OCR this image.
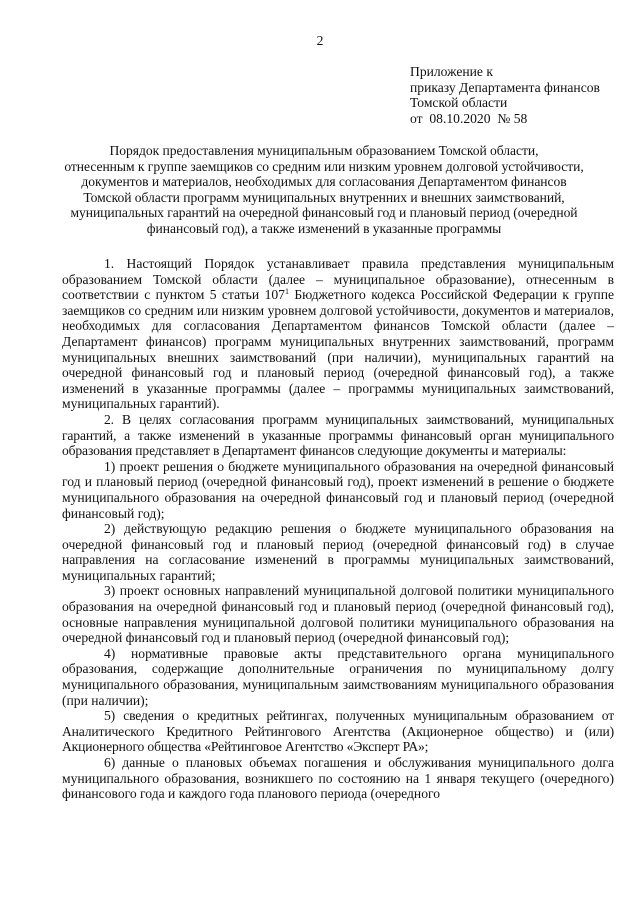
2
Приложение к
приказу Департамента финансов
Томской области
от  08.10.2020  № 58
Порядок предоставления муниципальным образованием Томской области,
отнесенным к группе заемщиков со средним или низким уровнем долговой устойчивости,
документов и материалов, необходимых для согласования Департаментом финансов
Томской области программ муниципальных внутренних и внешних заимствований,
муниципальных гарантий на очередной финансовый год и плановый период (очередной
финансовый год), а также изменений в указанные программы

1. Настоящий Порядок устанавливает правила представления муниципальным образованием Томской области (далее – муниципальное образование), отнесенным в соответствии с пунктом 5 статьи $107^1$ Бюджетного кодекса Российской Федерации к группе заемщиков со средним или низким уровнем долговой устойчивости, документов и материалов, необходимых для согласования Департаментом финансов Томской области (далее – Департамент финансов) программ муниципальных внутренних заимствований, программ муниципальных внешних заимствований (при наличии), муниципальных гарантий на очередной финансовый год и плановый период (очередной финансовый год), а также изменений в указанные программы (далее – программы муниципальных заимствований, муниципальных гарантий).

2. В целях согласования программ муниципальных заимствований, муниципальных гарантий, а также изменений в указанные программы финансовый орган муниципального образования представляет в Департамент финансов следующие документы и материалы:

1) проект решения о бюджете муниципального образования на очередной финансовый год и плановый период (очередной финансовый год), проект изменений в решение о бюджете муниципального образования на очередной финансовый год и плановый период (очередной финансовый год);

2) действующую редакцию решения о бюджете муниципального образования на очередной финансовый год и плановый период (очередной финансовый год) в случае направления на согласование изменений в программы муниципальных заимствований, муниципальных гарантий;

3) проект основных направлений муниципальной долговой политики муниципального образования на очередной финансовый год и плановый период (очередной финансовый год), основные направления муниципальной долговой политики муниципального образования на очередной финансовый год и плановый период (очередной финансовый год);

4) нормативные правовые акты представительного органа муниципального образования, содержащие дополнительные ограничения по муниципальному долгу муниципального образования, муниципальным заимствованиям муниципального образования (при наличии);

5) сведения о кредитных рейтингах, полученных муниципальным образованием от Аналитического Кредитного Рейтингового Агентства (Акционерное общество) и (или) Акционерного общества «Рейтинговое Агентство «Эксперт РА»;

6) данные о плановых объемах погашения и обслуживания муниципального долга муниципального образования, возникшего по состоянию на 1 января текущего (очередного) финансового года и каждого года планового периода (очередного
